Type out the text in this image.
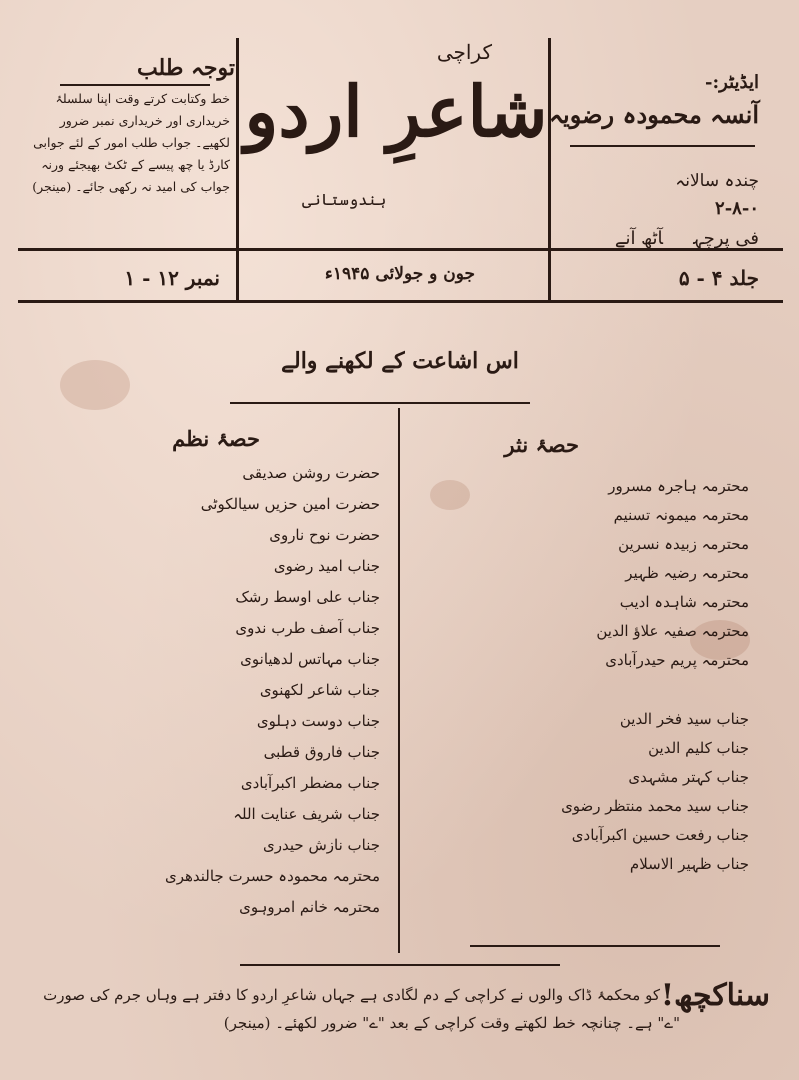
ایڈیٹر:-
آنسہ محمودہ رضویہ
چندہ سالانہ
۲-۸-۰
فی پرچہآٹھ آنے
کراچی
شاعرِ اردو
ہندوستانی
توجہ طلب
خط وکتابت کرتے وقت اپنا سلسلۂ خریداری اور خریداری نمبر ضرور لکھیے۔ جواب طلب امور کے لئے جوابی کارڈ یا چھ پیسے کے ٹکٹ بھیجئے ورنہ جواب کی امید نہ رکھی جائے۔ (مینجر)
جلد ۴ - ۵
جون و جولائی ۱۹۴۵ء
نمبر ۱۲ - ۱
اس اشاعت کے لکھنے والے
حصۂ نثر
محترمہ ہاجرہ مسرور
محترمہ میمونہ تسنیم
محترمہ زبیدہ نسرین
محترمہ رضیہ ظہیر
محترمہ شاہدہ ادیب
محترمہ صفیہ علاؤ الدین
محترمہ پریم حیدرآبادی
جناب سید فخر الدین
جناب کلیم الدین
جناب کہتر مشہدی
جناب سید محمد منتظر رضوی
جناب رفعت حسین اکبرآبادی
جناب ظہیر الاسلام
حصۂ نظم
حضرت روشن صدیقی
حضرت امین حزیں سیالکوٹی
حضرت نوح ناروی
جناب امید رضوی
جناب علی اوسط رشک
جناب آصف طرب ندوی
جناب مہاتس لدھیانوی
جناب شاعر لکھنوی
جناب دوست دہلوی
جناب فاروق قطبی
جناب مضطر اکبرآبادی
جناب شریف عنایت اللہ
جناب نازش حیدری
محترمہ محمودہ حسرت جالندھری
محترمہ خانم امروہوی
سناکچھ!
کو محکمۂ ڈاک والوں نے کراچی کے دم لگادی ہے جہاں شاعرِ اردو کا دفتر ہے وہاں جرم کی صورت
"ے" ہے۔ چنانچہ خط لکھتے وقت کراچی کے بعد "ے" ضرور لکھئے۔ (مینجر)
